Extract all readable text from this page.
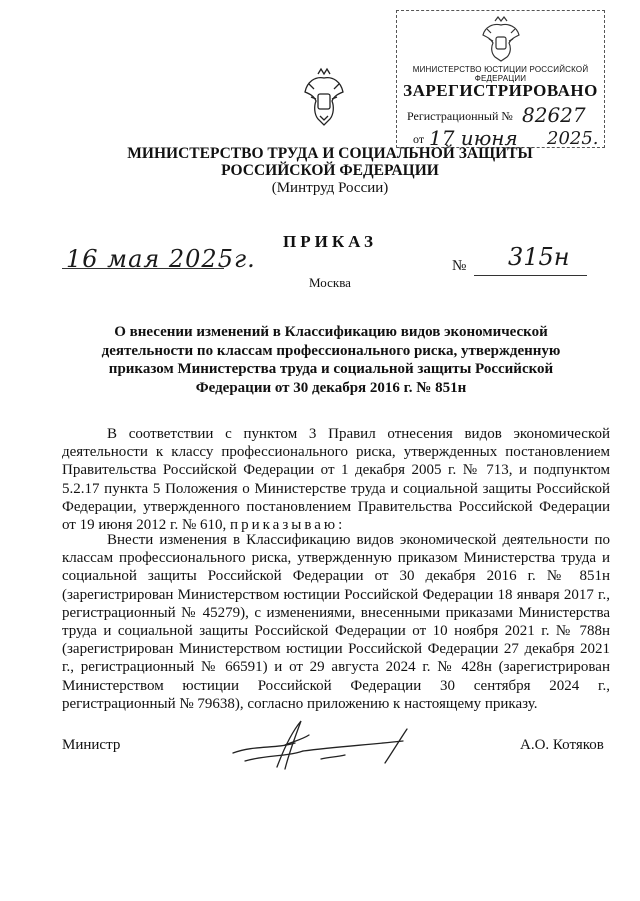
МИНИСТЕРСТВО ЮСТИЦИИ РОССИЙСКОЙ ФЕДЕРАЦИИ
ЗАРЕГИСТРИРОВАНО
Регистрационный № 82627
от 17 июня	2025.
МИНИСТЕРСТВО ТРУДА И СОЦИАЛЬНОЙ ЗАЩИТЫ
РОССИЙСКОЙ ФЕДЕРАЦИИ
(Минтруд России)
ПРИКАЗ
16 мая 2025г.	№ 315н
Москва
О внесении изменений в Классификацию видов экономической деятельности по классам профессионального риска, утвержденную приказом Министерства труда и социальной защиты Российской Федерации от 30 декабря 2016 г. № 851н
В соответствии с пунктом 3 Правил отнесения видов экономической деятельности к классу профессионального риска, утвержденных постановлением Правительства Российской Федерации от 1 декабря 2005 г. № 713, и подпунктом 5.2.17 пункта 5 Положения о Министерстве труда и социальной защиты Российской Федерации, утвержденного постановлением Правительства Российской Федерации от 19 июня 2012 г. № 610, приказываю:
Внести изменения в Классификацию видов экономической деятельности по классам профессионального риска, утвержденную приказом Министерства труда и социальной защиты Российской Федерации от 30 декабря 2016 г. № 851н (зарегистрирован Министерством юстиции Российской Федерации 18 января 2017 г., регистрационный № 45279), с изменениями, внесенными приказами Министерства труда и социальной защиты Российской Федерации от 10 ноября 2021 г. № 788н (зарегистрирован Министерством юстиции Российской Федерации 27 декабря 2021 г., регистрационный № 66591) и от 29 августа 2024 г. № 428н (зарегистрирован Министерством юстиции Российской Федерации 30 сентября 2024 г., регистрационный № 79638), согласно приложению к настоящему приказу.
Министр	А.О. Котяков
